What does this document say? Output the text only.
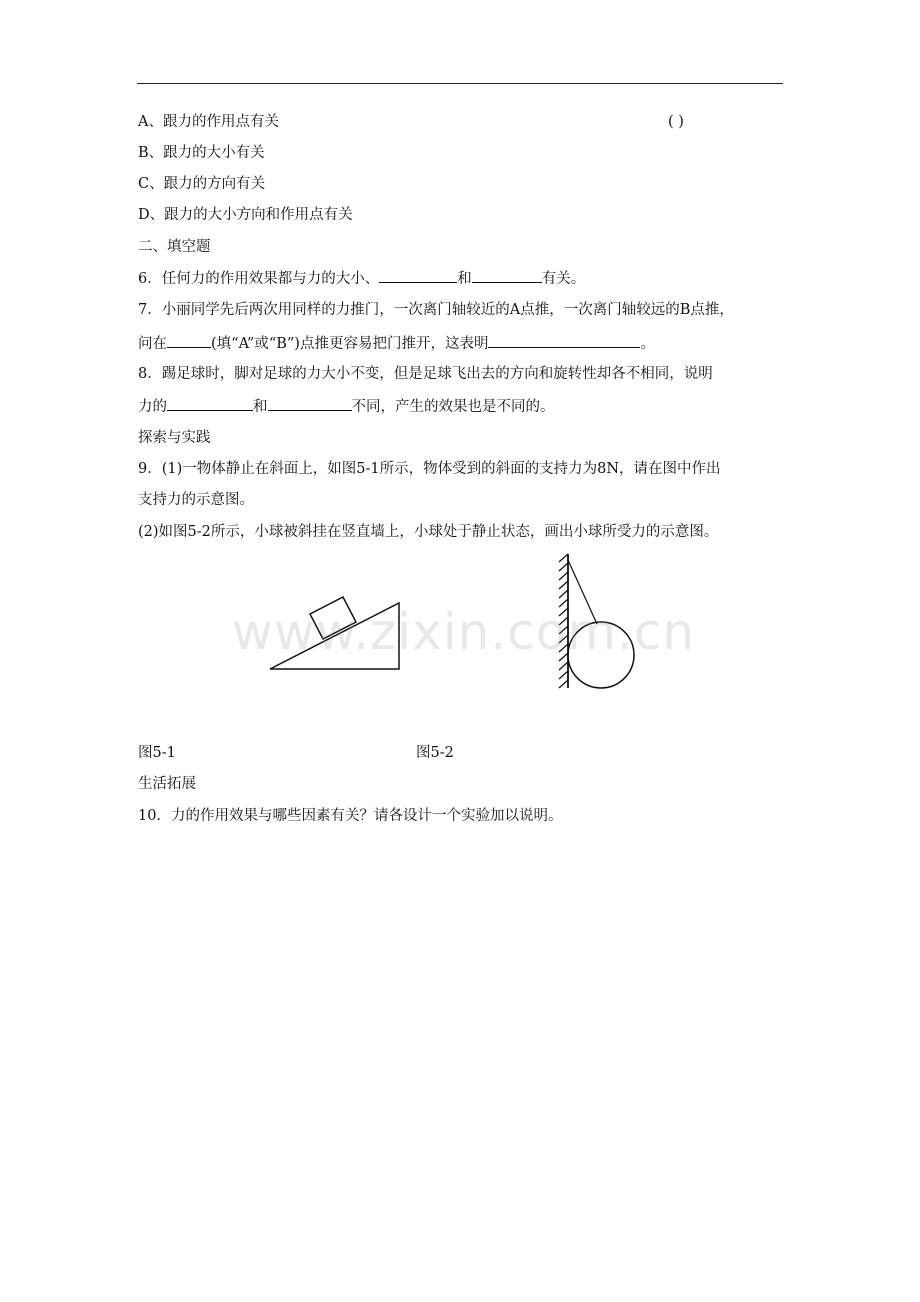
A、跟力的作用点有关	( )
B、跟力的大小有关
C、跟力的方向有关
D、跟力的大小方向和作用点有关
二、填空题
6．任何力的作用效果都与力的大小、	和	有关。
7．小丽同学先后两次用同样的力推门，一次离门轴较近的A点推，一次离门轴较远的B点推，
问在	(填“A”或“B”)点推更容易把门推开，这表明	。
8．踢足球时，脚对足球的力大小不变，但是足球飞出去的方向和旋转性却各不相同，说明
力的	和	不同，产生的效果也是不同的。
探索与实践
9．(1)一物体静止在斜面上，如图5-1所示，物体受到的斜面的支持力为8N，请在图中作出
支持力的示意图。
(2)如图5-2所示，小球被斜挂在竖直墙上，小球处于静止状态，画出小球所受力的示意图。
www.zixin.com.cn
图5-1	图5-2
生活拓展
10．力的作用效果与哪些因素有关？请各设计一个实验加以说明。
